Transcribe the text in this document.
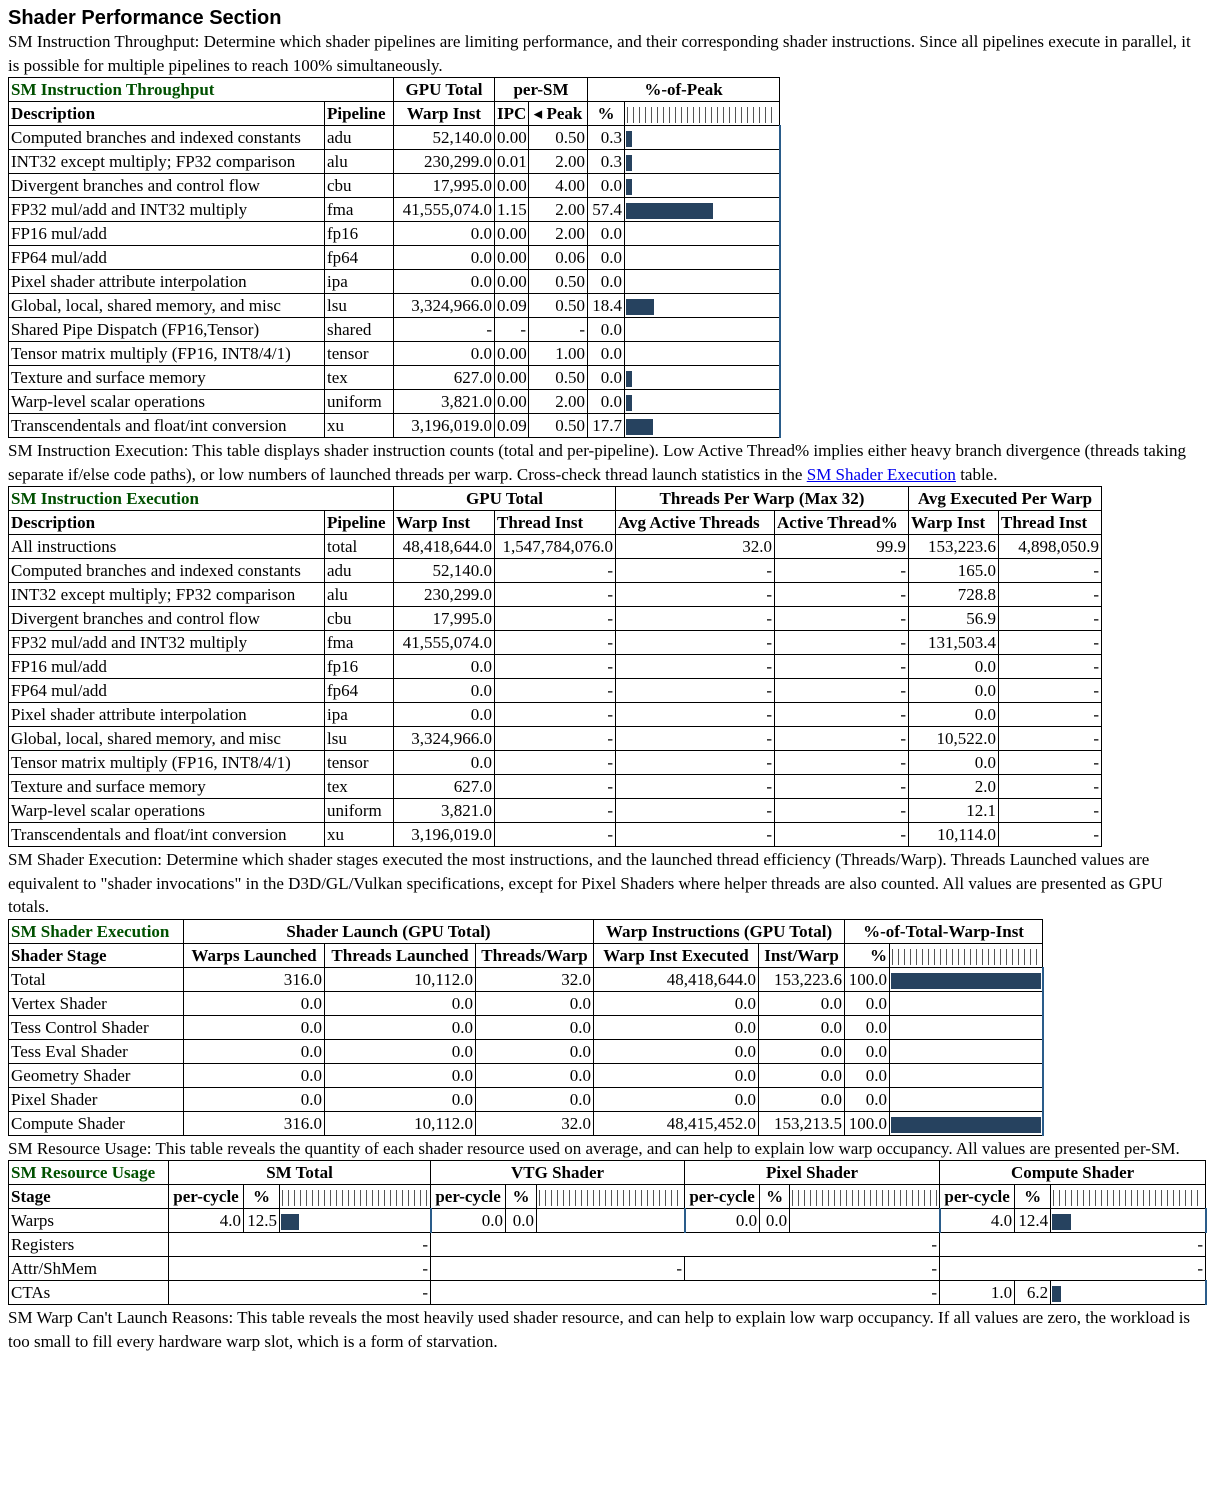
Shader Performance Section

SM Instruction Throughput: Determine which shader pipelines are limiting performance, and their corresponding shader instructions. Since all pipelines execute in parallel, it is possible for multiple pipelines to reach 100% simultaneously.

SM Instruction Throughput		GPU Total	per-SM		%-of-Peak	
Description	Pipeline	Warp Inst	IPC	◂ Peak	%	
Computed branches and indexed constants	adu	52,140.0	0.00	0.50	0.3	
INT32 except multiply; FP32 comparison	alu	230,299.0	0.01	2.00	0.3	
Divergent branches and control flow	cbu	17,995.0	0.00	4.00	0.0	
FP32 mul/add and INT32 multiply	fma	41,555,074.0	1.15	2.00	57.4	
FP16 mul/add	fp16	0.0	0.00	2.00	0.0	
FP64 mul/add	fp64	0.0	0.00	0.06	0.0	
Pixel shader attribute interpolation	ipa	0.0	0.00	0.50	0.0	
Global, local, shared memory, and misc	lsu	3,324,966.0	0.09	0.50	18.4	
Shared Pipe Dispatch (FP16,Tensor)	shared	-	-	-	0.0	
Tensor matrix multiply (FP16, INT8/4/1)	tensor	0.0	0.00	1.00	0.0	
Texture and surface memory	tex	627.0	0.00	0.50	0.0	
Warp-level scalar operations	uniform	3,821.0	0.00	2.00	0.0	
Transcendentals and float/int conversion	xu	3,196,019.0	0.09	0.50	17.7	

SM Instruction Execution: This table displays shader instruction counts (total and per-pipeline). Low Active Thread% implies either heavy branch divergence (threads taking separate if/else code paths), or low numbers of launched threads per warp. Cross-check thread launch statistics in the SM Shader Execution table.

SM Instruction Execution		GPU Total		Threads Per Warp (Max 32)		Avg Executed Per Warp	
Description	Pipeline	Warp Inst	Thread Inst	Avg Active Threads	Active Thread%	Warp Inst	Thread Inst
All instructions	total	48,418,644.0	1,547,784,076.0	32.0	99.9	153,223.6	4,898,050.9
Computed branches and indexed constants	adu	52,140.0	-	-	-	165.0	-
INT32 except multiply; FP32 comparison	alu	230,299.0	-	-	-	728.8	-
Divergent branches and control flow	cbu	17,995.0	-	-	-	56.9	-
FP32 mul/add and INT32 multiply	fma	41,555,074.0	-	-	-	131,503.4	-
FP16 mul/add	fp16	0.0	-	-	-	0.0	-
FP64 mul/add	fp64	0.0	-	-	-	0.0	-
Pixel shader attribute interpolation	ipa	0.0	-	-	-	0.0	-
Global, local, shared memory, and misc	lsu	3,324,966.0	-	-	-	10,522.0	-
Tensor matrix multiply (FP16, INT8/4/1)	tensor	0.0	-	-	-	0.0	-
Texture and surface memory	tex	627.0	-	-	-	2.0	-
Warp-level scalar operations	uniform	3,821.0	-	-	-	12.1	-
Transcendentals and float/int conversion	xu	3,196,019.0	-	-	-	10,114.0	-

SM Shader Execution: Determine which shader stages executed the most instructions, and the launched thread efficiency (Threads/Warp). Threads Launched values are equivalent to "shader invocations" in the D3D/GL/Vulkan specifications, except for Pixel Shaders where helper threads are also counted. All values are presented as GPU totals.

SM Shader Execution	Shader Launch (GPU Total)			Warp Instructions (GPU Total)		%-of-Total-Warp-Inst	
Shader Stage	Warps Launched	Threads Launched	Threads/Warp	Warp Inst Executed	Inst/Warp	%	
Total	316.0	10,112.0	32.0	48,418,644.0	153,223.6	100.0	
Vertex Shader	0.0	0.0	0.0	0.0	0.0	0.0	
Tess Control Shader	0.0	0.0	0.0	0.0	0.0	0.0	
Tess Eval Shader	0.0	0.0	0.0	0.0	0.0	0.0	
Geometry Shader	0.0	0.0	0.0	0.0	0.0	0.0	
Pixel Shader	0.0	0.0	0.0	0.0	0.0	0.0	
Compute Shader	316.0	10,112.0	32.0	48,415,452.0	153,213.5	100.0	

SM Resource Usage: This table reveals the quantity of each shader resource used on average, and can help to explain low warp occupancy. All values are presented per-SM.

SM Resource Usage	SM Total			VTG Shader			Pixel Shader			Compute Shader		
Stage	per-cycle	%		per-cycle	%		per-cycle	%		per-cycle	%	
Warps	4.0	12.5		0.0	0.0		0.0	0.0		4.0	12.4	
Registers	-			-						-		
Attr/ShMem	-			-			-			-		
CTAs	-			-						1.0	6.2	

SM Warp Can't Launch Reasons: This table reveals the most heavily used shader resource, and can help to explain low warp occupancy. If all values are zero, the workload is too small to fill every hardware warp slot, which is a form of starvation.
